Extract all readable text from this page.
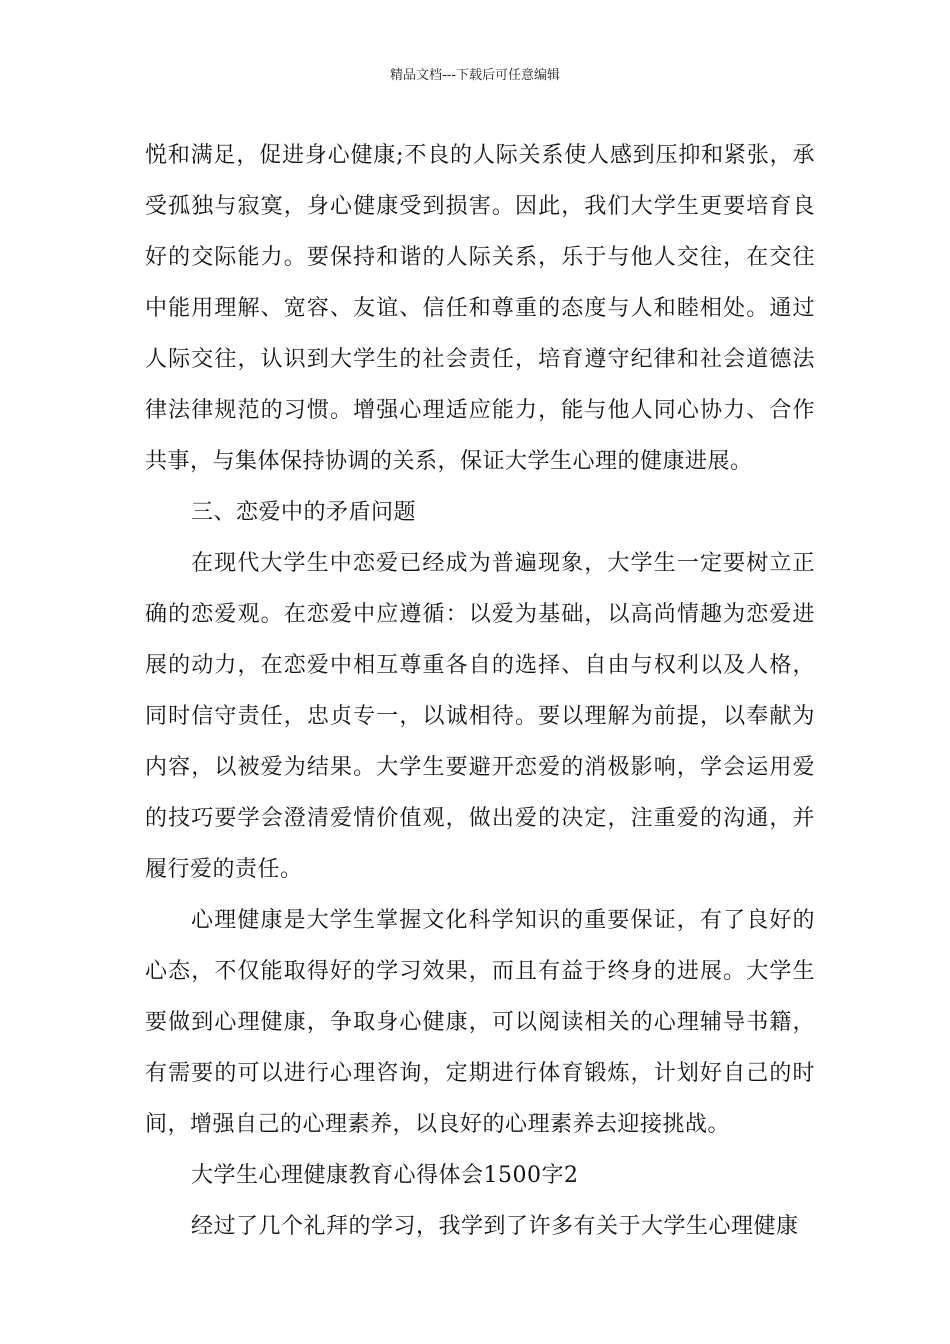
精品文档---下载后可任意编辑

悦和满足，促进身心健康;不良的人际关系使人感到压抑和紧张，承受孤独与寂寞，身心健康受到损害。因此，我们大学生更要培育良好的交际能力。要保持和谐的人际关系，乐于与他人交往，在交往中能用理解、宽容、友谊、信任和尊重的态度与人和睦相处。通过人际交往，认识到大学生的社会责任，培育遵守纪律和社会道德法律法律规范的习惯。增强心理适应能力，能与他人同心协力、合作共事，与集体保持协调的关系，保证大学生心理的健康进展。

三、恋爱中的矛盾问题

在现代大学生中恋爱已经成为普遍现象，大学生一定要树立正确的恋爱观。在恋爱中应遵循：以爱为基础，以高尚情趣为恋爱进展的动力，在恋爱中相互尊重各自的选择、自由与权利以及人格，同时信守责任，忠贞专一，以诚相待。要以理解为前提，以奉献为内容，以被爱为结果。大学生要避开恋爱的消极影响，学会运用爱的技巧要学会澄清爱情价值观，做出爱的决定，注重爱的沟通，并履行爱的责任。

心理健康是大学生掌握文化科学知识的重要保证，有了良好的心态，不仅能取得好的学习效果，而且有益于终身的进展。大学生要做到心理健康，争取身心健康，可以阅读相关的心理辅导书籍，有需要的可以进行心理咨询，定期进行体育锻炼，计划好自己的时间，增强自己的心理素养，以良好的心理素养去迎接挑战。

大学生心理健康教育心得体会1500字2

经过了几个礼拜的学习，我学到了许多有关于大学生心理健康
